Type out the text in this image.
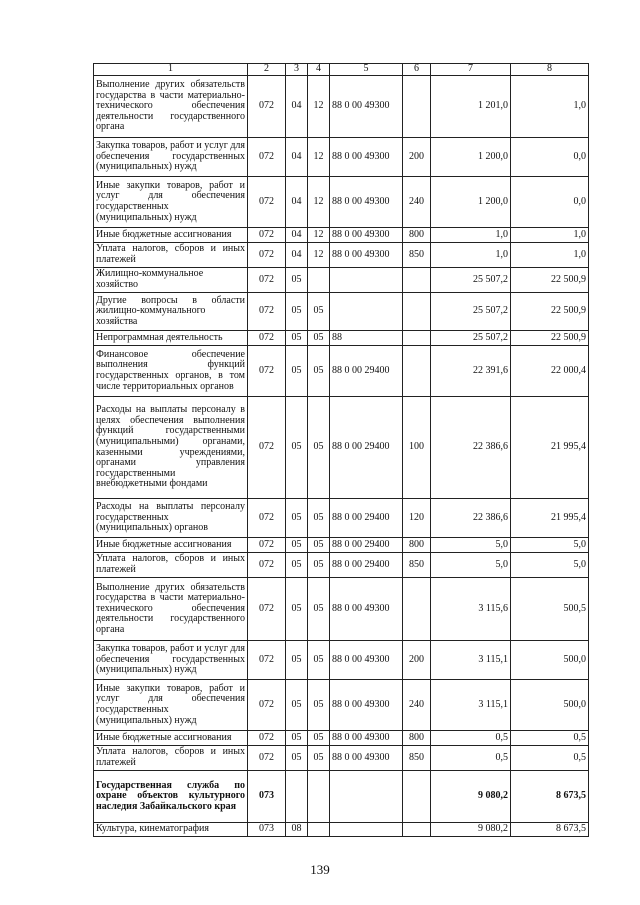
1	2	3	4	5	6	7	8
Выполнение других обязательств государства в части материально-технического обеспечения деятельности государственного органа	072	04	12	88 0 00 49300		1 201,0	1,0
Закупка товаров, работ и услуг для обеспечения государственных (муниципальных) нужд	072	04	12	88 0 00 49300	200	1 200,0	0,0
Иные закупки товаров, работ и услуг для обеспечения государственных (муниципальных) нужд	072	04	12	88 0 00 49300	240	1 200,0	0,0
Иные бюджетные ассигнования	072	04	12	88 0 00 49300	800	1,0	1,0
Уплата налогов, сборов и иных платежей	072	04	12	88 0 00 49300	850	1,0	1,0
Жилищно-коммунальное хозяйство	072	05				25 507,2	22 500,9
Другие вопросы в области жилищно-коммунального хозяйства	072	05	05			25 507,2	22 500,9
Непрограммная деятельность	072	05	05	88		25 507,2	22 500,9
Финансовое обеспечение выполнения функций государственных органов, в том числе территориальных органов	072	05	05	88 0 00 29400		22 391,6	22 000,4
Расходы на выплаты персоналу в целях обеспечения выполнения функций государственными (муниципальными) органами, казенными учреждениями, органами управления государственными внебюджетными фондами	072	05	05	88 0 00 29400	100	22 386,6	21 995,4
Расходы на выплаты персоналу государственных (муниципальных) органов	072	05	05	88 0 00 29400	120	22 386,6	21 995,4
Иные бюджетные ассигнования	072	05	05	88 0 00 29400	800	5,0	5,0
Уплата налогов, сборов и иных платежей	072	05	05	88 0 00 29400	850	5,0	5,0
Выполнение других обязательств государства в части материально-технического обеспечения деятельности государственного органа	072	05	05	88 0 00 49300		3 115,6	500,5
Закупка товаров, работ и услуг для обеспечения государственных (муниципальных) нужд	072	05	05	88 0 00 49300	200	3 115,1	500,0
Иные закупки товаров, работ и услуг для обеспечения государственных (муниципальных) нужд	072	05	05	88 0 00 49300	240	3 115,1	500,0
Иные бюджетные ассигнования	072	05	05	88 0 00 49300	800	0,5	0,5
Уплата налогов, сборов и иных платежей	072	05	05	88 0 00 49300	850	0,5	0,5
Государственная служба по охране объектов культурного наследия Забайкальского края	073					9 080,2	8 673,5
Культура, кинематография	073	08				9 080,2	8 673,5
139
